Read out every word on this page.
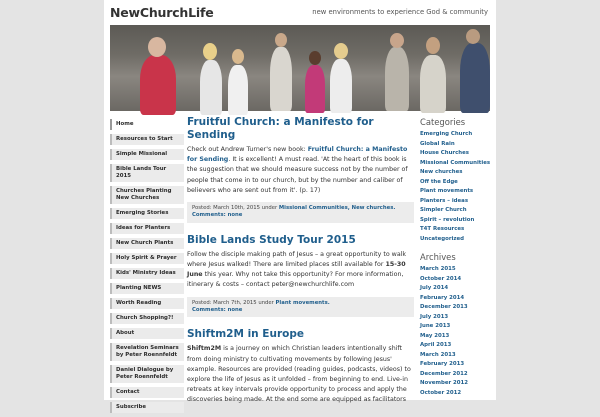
NewChurchLife	new environments to experience God & community
Home
Resources to Start
Simple Missional
Bible Lands Tour 2015
Churches Planting New Churches
Emerging Stories
Ideas for Planters
New Church Plants
Holy Spirit & Prayer
Kids' Ministry Ideas
Planting NEWS
Worth Reading
Church Shopping?!
About
Revelation Seminars by Peter Roennfeldt
Daniel Dialogue by Peter Roennfeldt
Contact
Subscribe
Fruitful Church: a Manifesto for Sending

Check out Andrew Turner's new book: Fruitful Church: a Manifesto for Sending. It is excellent! A must read. 'At the heart of this book is the suggestion that we should measure success not by the number of people that come in to our church, but by the number and caliber of believers who are sent out from it'. (p. 17)

Posted: March 10th, 2015 under Missional Communities, New churches.
Comments: none
Bible Lands Study Tour 2015

Follow the disciple making path of Jesus – a great opportunity to walk where Jesus walked! There are limited places still available for 15-30 June this year. Why not take this opportunity? For more information, itinerary & costs – contact peter@newchurchlife.com

Posted: March 7th, 2015 under Plant movements.
Comments: none
Shiftm2M in Europe

Shiftm2M is a journey on which Christian leaders intentionally shift from doing ministry to cultivating movements by following Jesus' example. Resources are provided (reading guides, podcasts, videos) to explore the life of Jesus as it unfolded – from beginning to end. Live-in retreats at key intervals provide opportunity to process and apply the discoveries being made. At the end some are equipped as facilitators

Categories
Emerging Church
Global Rain
House Churches
Missional Communities
New churches
Off the Edge
Plant movements
Planters – ideas
Simpler Church
Spirit – revolution
T4T Resources
Uncategorized
Archives
March 2015
October 2014
July 2014
February 2014
December 2013
July 2013
June 2013
May 2013
April 2013
March 2013
February 2013
December 2012
November 2012
October 2012
